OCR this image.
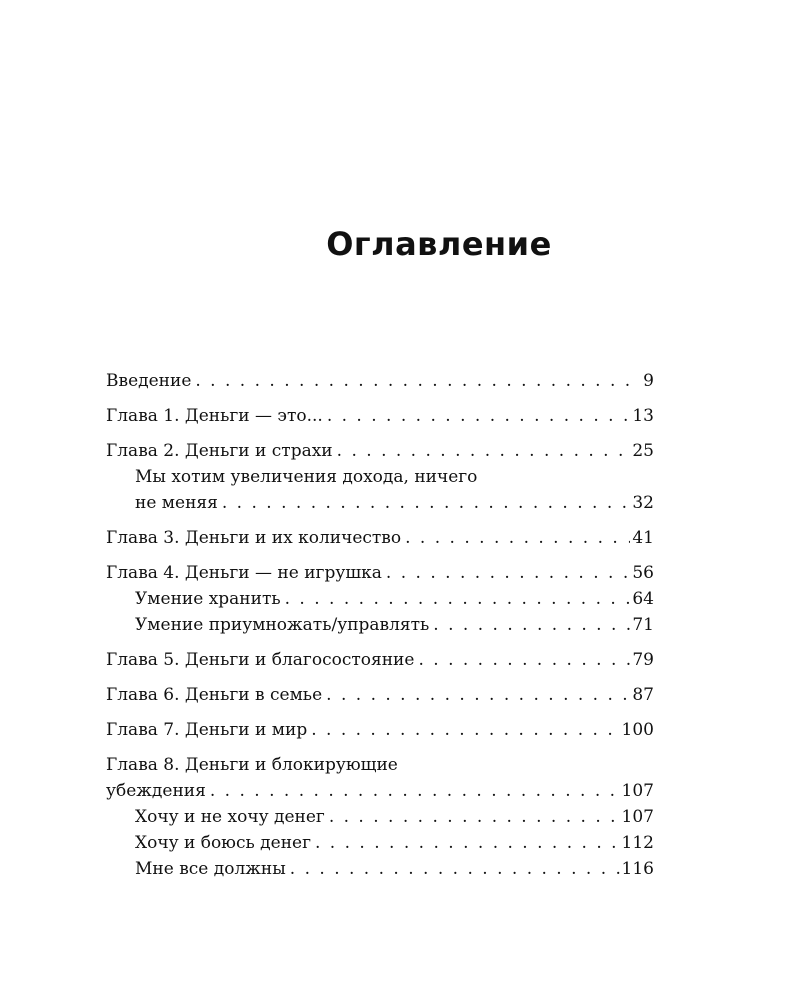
Оглавление
Введение . . .	9
Глава 1. Деньги — это... . . .	13
Глава 2. Деньги и страхи . . .	25
Мы хотим увеличения дохода, ничего
не меняя . . .	32
Глава 3. Деньги и их количество . . .	41
Глава 4. Деньги — не игрушка . . .	56
Умение хранить . . .	64
Умение приумножать/управлять . . .	71
Глава 5. Деньги и благосостояние . . .	79
Глава 6. Деньги в семье . . .	87
Глава 7. Деньги и мир . . .	100
Глава 8. Деньги и блокирующие
убеждения . . .	107
Хочу и не хочу денег . . .	107
Хочу и боюсь денег . . .	112
Мне все должны . . .	116
